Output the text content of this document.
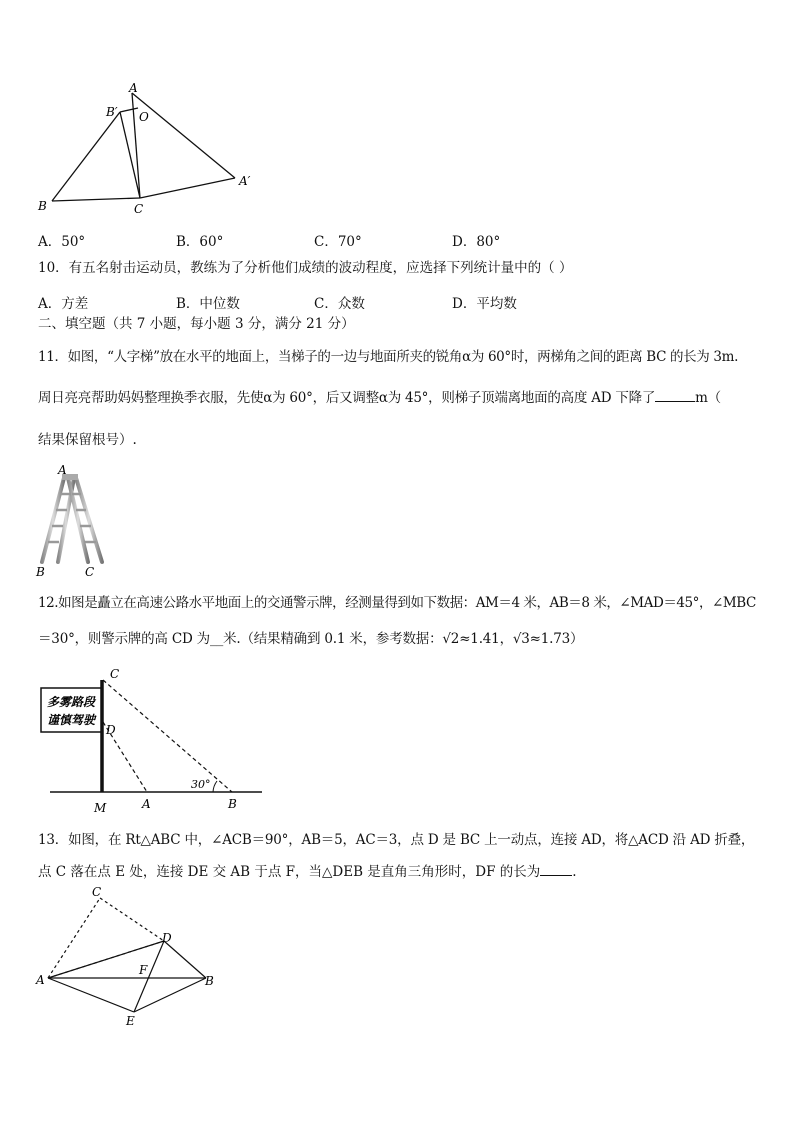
A
B′ O
A′
B	C
A．50°	B．60°	C．70°	D．80°
10．有五名射击运动员，教练为了分析他们成绩的波动程度，应选择下列统计量中的（ ）
A．方差	B．中位数	C．众数	D．平均数
二、填空题（共 7 小题，每小题 3 分，满分 21 分）
11．如图，“人字梯”放在水平的地面上，当梯子的一边与地面所夹的锐角α为 60°时，两梯角之间的距离 BC 的长为 3m.
周日亮亮帮助妈妈整理换季衣服，先使α为 60°，后又调整α为 45°，则梯子顶端离地面的高度 AD 下降了	m（
结果保留根号）.
A
B	C
12.如图是矗立在高速公路水平地面上的交通警示牌，经测量得到如下数据：AM＝4 米，AB＝8 米，∠MAD＝45°，∠MBC
＝30°，则警示牌的高 CD 为__米.（结果精确到 0.1 米，参考数据：√2≈1.41，√3≈1.73）
多雾路段
谨慎驾驶
C
D
M	A	B
30°
13．如图，在 Rt△ABC 中，∠ACB＝90°，AB＝5，AC＝3，点 D 是 BC 上一动点，连接 AD，将△ACD 沿 AD 折叠，
点 C 落在点 E 处，连接 DE 交 AB 于点 F，当△DEB 是直角三角形时，DF 的长为 .
C
D
A
F
B
E
